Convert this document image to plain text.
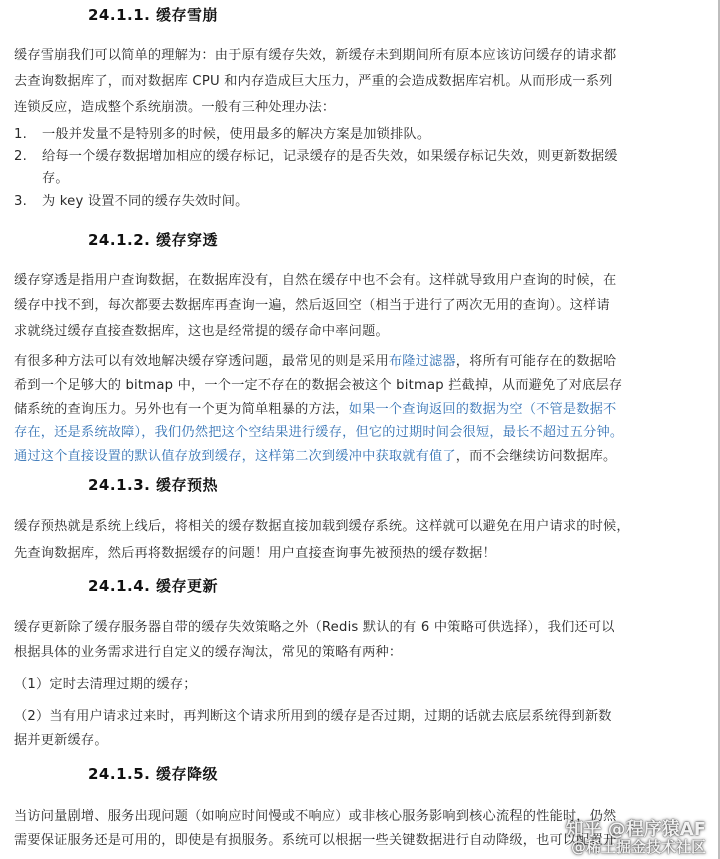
24.1.1. 缓存雪崩
缓存雪崩我们可以简单的理解为：由于原有缓存失效，新缓存未到期间所有原本应该访问缓存的请求都
去查询数据库了，而对数据库 CPU 和内存造成巨大压力，严重的会造成数据库宕机。从而形成一系列
连锁反应，造成整个系统崩溃。一般有三种处理办法：
1. 一般并发量不是特别多的时候，使用最多的解决方案是加锁排队。
2. 给每一个缓存数据增加相应的缓存标记，记录缓存的是否失效，如果缓存标记失效，则更新数据缓
存。
3. 为 key 设置不同的缓存失效时间。
24.1.2. 缓存穿透
缓存穿透是指用户查询数据，在数据库没有，自然在缓存中也不会有。这样就导致用户查询的时候，在
缓存中找不到，每次都要去数据库再查询一遍，然后返回空（相当于进行了两次无用的查询）。这样请
求就绕过缓存直接查数据库，这也是经常提的缓存命中率问题。
有很多种方法可以有效地解决缓存穿透问题，最常见的则是采用布隆过滤器，将所有可能存在的数据哈
希到一个足够大的 bitmap 中，一个一定不存在的数据会被这个 bitmap 拦截掉，从而避免了对底层存
储系统的查询压力。另外也有一个更为简单粗暴的方法，如果一个查询返回的数据为空（不管是数据不
存在，还是系统故障），我们仍然把这个空结果进行缓存，但它的过期时间会很短，最长不超过五分钟。
通过这个直接设置的默认值存放到缓存，这样第二次到缓冲中获取就有值了，而不会继续访问数据库。
24.1.3. 缓存预热
缓存预热就是系统上线后，将相关的缓存数据直接加载到缓存系统。这样就可以避免在用户请求的时候，
先查询数据库，然后再将数据缓存的问题！用户直接查询事先被预热的缓存数据！
24.1.4. 缓存更新
缓存更新除了缓存服务器自带的缓存失效策略之外（Redis 默认的有 6 中策略可供选择），我们还可以
根据具体的业务需求进行自定义的缓存淘汰，常见的策略有两种：
（1）定时去清理过期的缓存；
（2）当有用户请求过来时，再判断这个请求所用到的缓存是否过期，过期的话就去底层系统得到新数
据并更新缓存。
24.1.5. 缓存降级
当访问量剧增、服务出现问题（如响应时间慢或不响应）或非核心服务影响到核心流程的性能时，仍然
需要保证服务还是可用的，即使是有损服务。系统可以根据一些关键数据进行自动降级，也可以配置开
知乎 @程序猿AF
@稀土掘金技术社区
